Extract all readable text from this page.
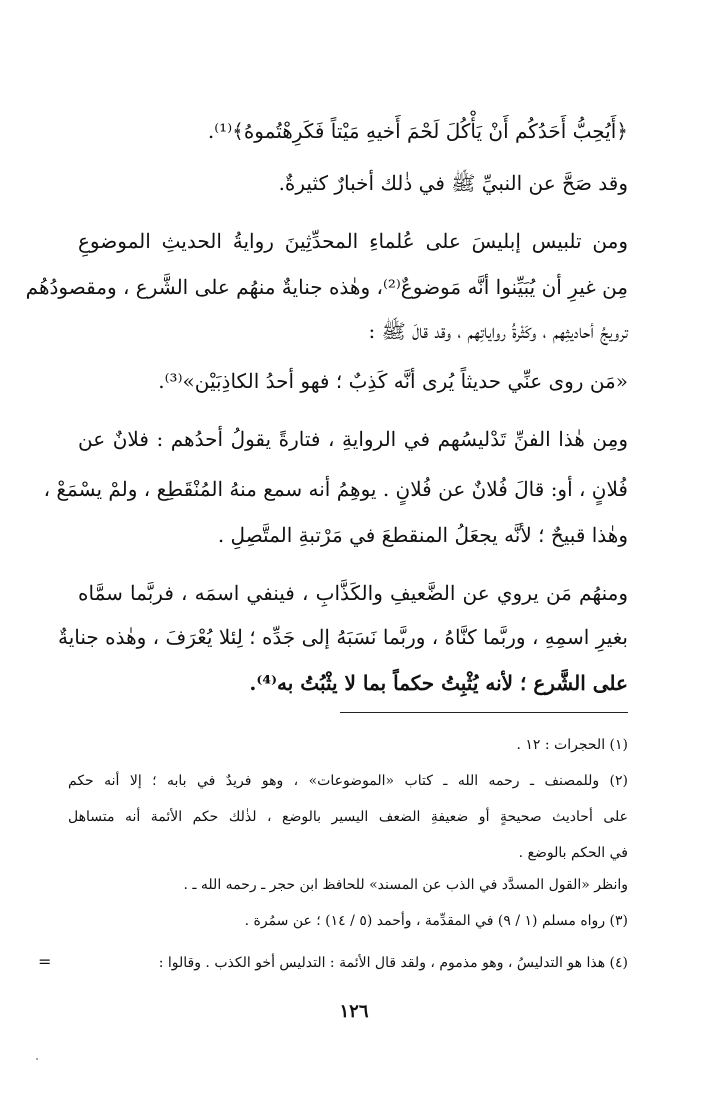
﴿أَيُحِبُّ أَحَدُكُم أَنْ يَأْكُلَ لَحْمَ أَخيهِ مَيْتاً فَكَرِهْتُموهُ﴾⁽¹⁾.
وقد صَحَّ عن النبيِّ ﷺ في ذٰلك أخبارٌ كثيرةٌ.
ومن تلبيس إبليسَ على عُلماءِ المحدِّثِينَ روايةُ الحديثِ الموضوعِ
مِن غيرِ أن يُبَيِّنوا أنَّه مَوضوعٌ⁽²⁾، وهٰذه جنايةٌ منهُم على الشَّرع ، ومقصودُهُم
ترويجُ أحاديثِهم ، وكَثْرةُ رواياتِهم ، وقد قالَ ﷺ :
«مَن روى عنِّي حديثاً يُرى أنَّه كَذِبٌ ؛ فهو أحدُ الكاذِبَيْن»⁽³⁾.
ومِن هٰذا الفنِّ تَدْليسُهم في الروايةِ ، فتارةً يقولُ أحدُهم : فلانٌ عن
فُلانٍ ، أو: قالَ فُلانٌ عن فُلانٍ . يوهِمُ أنه سمع منهُ المُنْقَطِع ، ولمْ يسْمَعْ ،
وهٰذا قبيحٌ ؛ لأنَّه يجعَلُ المنقطعَ في مَرْتبةِ المتَّصِلِ .
ومنهُم مَن يروي عن الضَّعيفِ والكَذَّابِ ، فينفي اسمَه ، فربَّما سمَّاه
بغيرِ اسمِهِ ، وربَّما كنَّاهُ ، وربَّما نَسَبَهُ إلى جَدِّه ؛ لِئلا يُعْرَفَ ، وهٰذه جنايةٌ
على الشَّرع ؛ لأنه يُثْبِتُ حكماً بما لا يثْبُتُ به⁽⁴⁾.
(١) الحجرات : ١٢ .
(٢) وللمصنف ـ رحمه الله ـ كتاب «الموضوعات» ، وهو فريدٌ في بابه ؛ إلا أنه حكم
على أحاديث صحيحةٍ أو ضعيفةِ الضعف اليسير بالوضع ، لذٰلك حكم الأئمة أنه متساهل
في الحكم بالوضع .
وانظر «القول المسدَّد في الذب عن المسند» للحافظ ابن حجر ـ رحمه الله ـ .
(٣) رواه مسلم (١ / ٩) في المقدِّمة ، وأحمد (٥ / ١٤) ؛ عن سمُرة .
(٤) هذا هو التدليسُ ، وهو مذموم ، ولقد قال الأئمة : التدليس أخو الكذب . وقالوا :
=
١٢٦
